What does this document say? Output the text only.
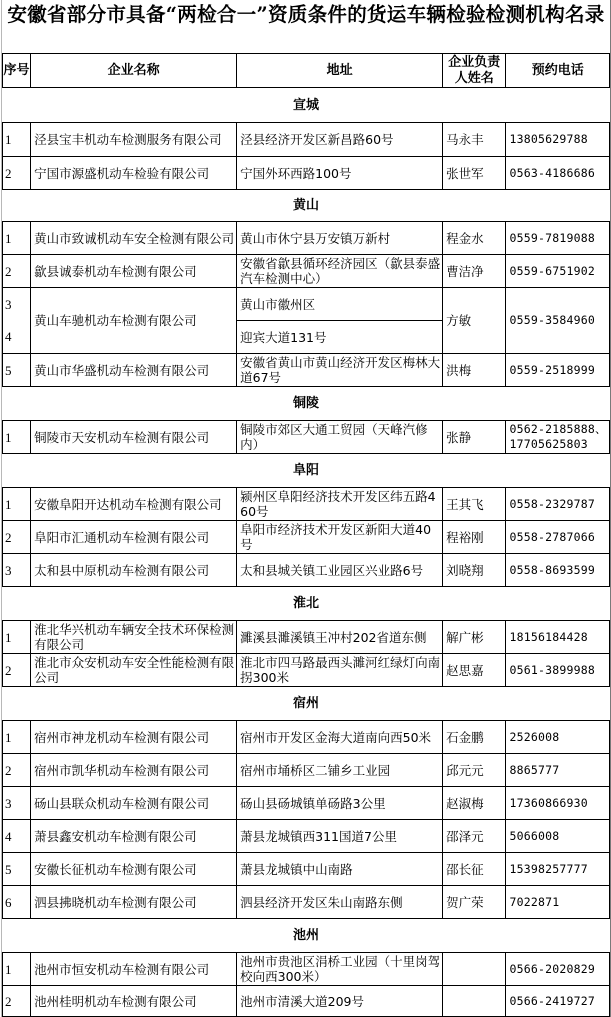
安徽省部分市具备“两检合一”资质条件的货运车辆检验检测机构名录
序号	企业名称	地址	企业负责人姓名	预约电话
宣城				
1	泾县宝丰机动车检测服务有限公司	泾县经济开发区新昌路60号	马永丰	13805629788
2	宁国市源盛机动车检验有限公司	宁国外环西路100号	张世军	0563-4186686
黄山				
1	黄山市致诚机动车安全检测有限公司	黄山市休宁县万安镇万新村	程金水	0559-7819088
2	歙县诚泰机动车检测有限公司	安徽省歙县循环经济园区（歙县泰盛汽车检测中心）	曹洁净	0559-6751902
3	黄山车驰机动车检测有限公司	黄山市徽州区	方敏	0559-3584960
4		迎宾大道131号		
5	黄山市华盛机动车检测有限公司	安徽省黄山市黄山经济开发区梅林大道67号	洪梅	0559-2518999
铜陵				
1	铜陵市天安机动车检测有限公司	铜陵市郊区大通工贸园（天峰汽修内）	张静	0562-2185888、17705625803
阜阳				
1	安徽阜阳开达机动车检测有限公司	颍州区阜阳经济技术开发区纬五路460号	王其飞	0558-2329787
2	阜阳市汇通机动车检测有限公司	阜阳市经济技术开发区新阳大道40号	程裕刚	0558-2787066
3	太和县中原机动车检测有限公司	太和县城关镇工业园区兴业路6号	刘晓翔	0558-8693599
淮北				
1	淮北华兴机动车辆安全技术环保检测有限公司	濉溪县濉溪镇王冲村202省道东侧	解广彬	18156184428
2	淮北市众安机动车安全性能检测有限公司	淮北市四马路最西头濉河红绿灯向南拐300米	赵思嘉	0561-3899988
宿州				
1	宿州市神龙机动车检测有限公司	宿州市开发区金海大道南向西50米	石金鹏	2526008
2	宿州市凯华机动车检测有限公司	宿州市埇桥区二铺乡工业园	邱元元	8865777
3	砀山县联众机动车检测有限公司	砀山县砀城镇单砀路3公里	赵淑梅	17360866930
4	萧县鑫安机动车检测有限公司	萧县龙城镇西311国道7公里	邵泽元	5066008
5	安徽长征机动车检测有限公司	萧县龙城镇中山南路	邵长征	15398257777
6	泗县拂晓机动车检测有限公司	泗县经济开发区朱山南路东侧	贺广荣	7022871
池州				
1	池州市恒安机动车检测有限公司	池州市贵池区涓桥工业园（十里岗驾校向西300米）		0566-2020829
2	池州桂明机动车检测有限公司	池州市清溪大道209号		0566-2419727
